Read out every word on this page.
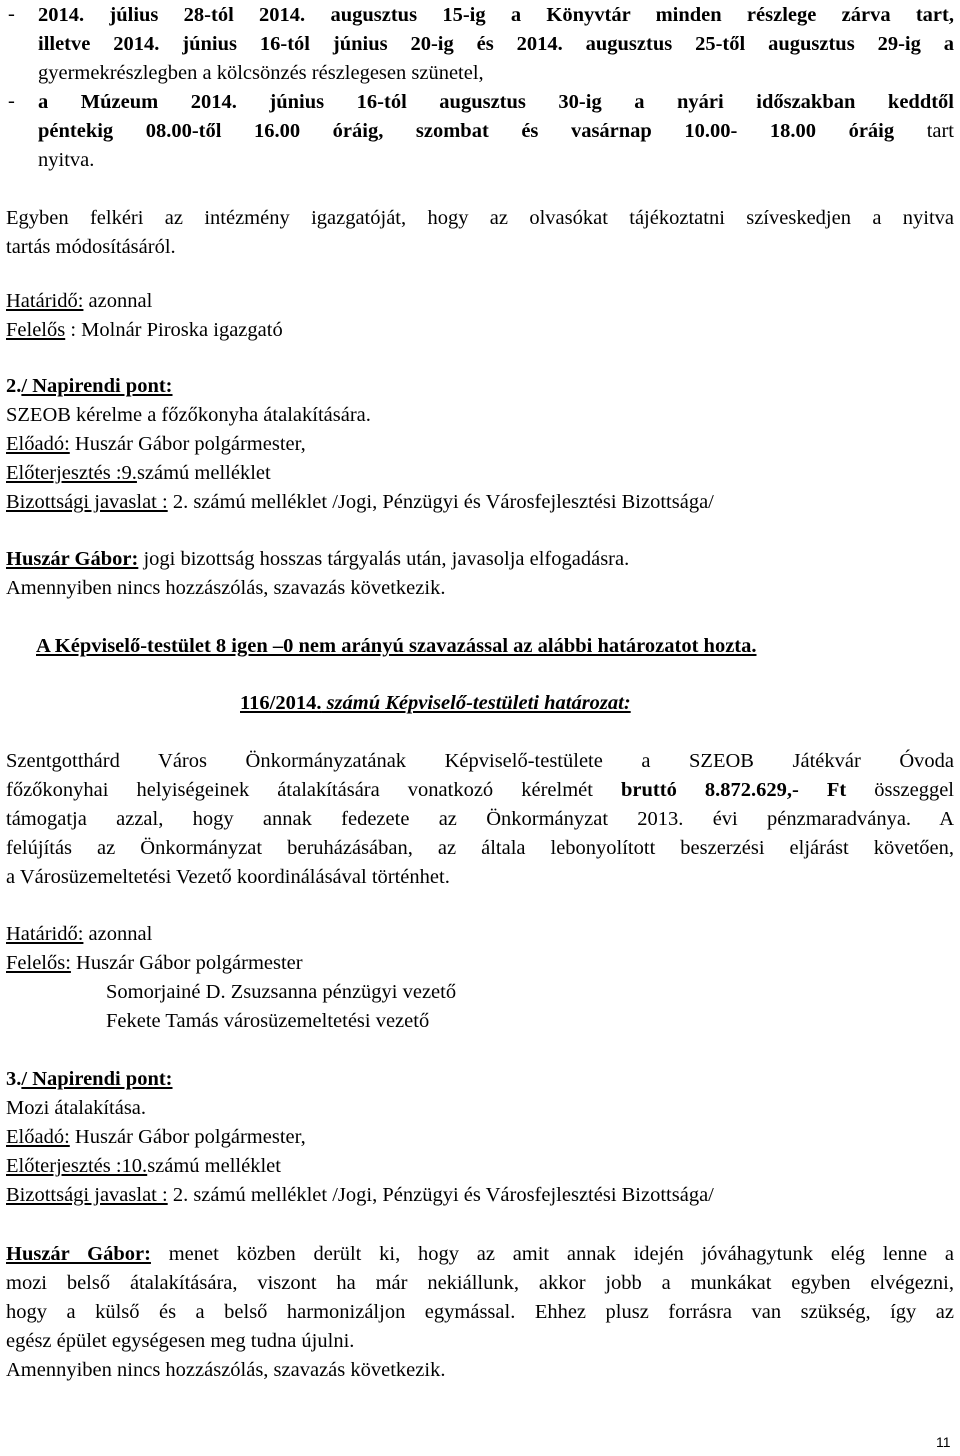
- 2014. július 28-tól 2014. augusztus 15-ig a Könyvtár minden részlege zárva tart,
illetve 2014. június 16-tól június 20-ig és 2014. augusztus 25-től augusztus 29-ig a
gyermekrészlegben a kölcsönzés részlegesen szünetel,
- a Múzeum 2014. június 16-tól augusztus 30-ig a nyári időszakban keddtől
péntekig 08.00-től 16.00 óráig, szombat és vasárnap 10.00- 18.00 óráig tart
nyitva.
Egyben felkéri az intézmény igazgatóját, hogy az olvasókat tájékoztatni szíveskedjen a nyitva
tartás módosításáról.
Határidő: azonnal
Felelős : Molnár Piroska igazgató
2./ Napirendi pont:
SZEOB kérelme a főzőkonyha átalakítására.
Előadó: Huszár Gábor polgármester,
Előterjesztés :9.számú melléklet
Bizottsági javaslat : 2. számú melléklet /Jogi, Pénzügyi és Városfejlesztési Bizottsága/
Huszár Gábor: jogi bizottság hosszas tárgyalás után, javasolja elfogadásra.
Amennyiben nincs hozzászólás, szavazás következik.
A Képviselő-testület 8 igen –0 nem arányú szavazással az alábbi határozatot hozta.
116/2014. számú Képviselő-testületi határozat:
Szentgotthárd Város Önkormányzatának Képviselő-testülete a SZEOB Játékvár Óvoda
főzőkonyhai helyiségeinek átalakítására vonatkozó kérelmét bruttó 8.872.629,- Ft összeggel
támogatja azzal, hogy annak fedezete az Önkormányzat 2013. évi pénzmaradványa. A
felújítás az Önkormányzat beruházásában, az általa lebonyolított beszerzési eljárást követően,
a Városüzemeltetési Vezető koordinálásával történhet.
Határidő: azonnal
Felelős: Huszár Gábor polgármester
Somorjainé D. Zsuzsanna pénzügyi vezető
Fekete Tamás városüzemeltetési vezető
3./ Napirendi pont:
Mozi átalakítása.
Előadó: Huszár Gábor polgármester,
Előterjesztés :10.számú melléklet
Bizottsági javaslat : 2. számú melléklet /Jogi, Pénzügyi és Városfejlesztési Bizottsága/
Huszár Gábor: menet közben derült ki, hogy az amit annak idején jóváhagytunk elég lenne a
mozi belső átalakítására, viszont ha már nekiállunk, akkor jobb a munkákat egyben elvégezni,
hogy a külső és a belső harmonizáljon egymással. Ehhez plusz forrásra van szükség, így az
egész épület egységesen meg tudna újulni.
Amennyiben nincs hozzászólás, szavazás következik.
11
